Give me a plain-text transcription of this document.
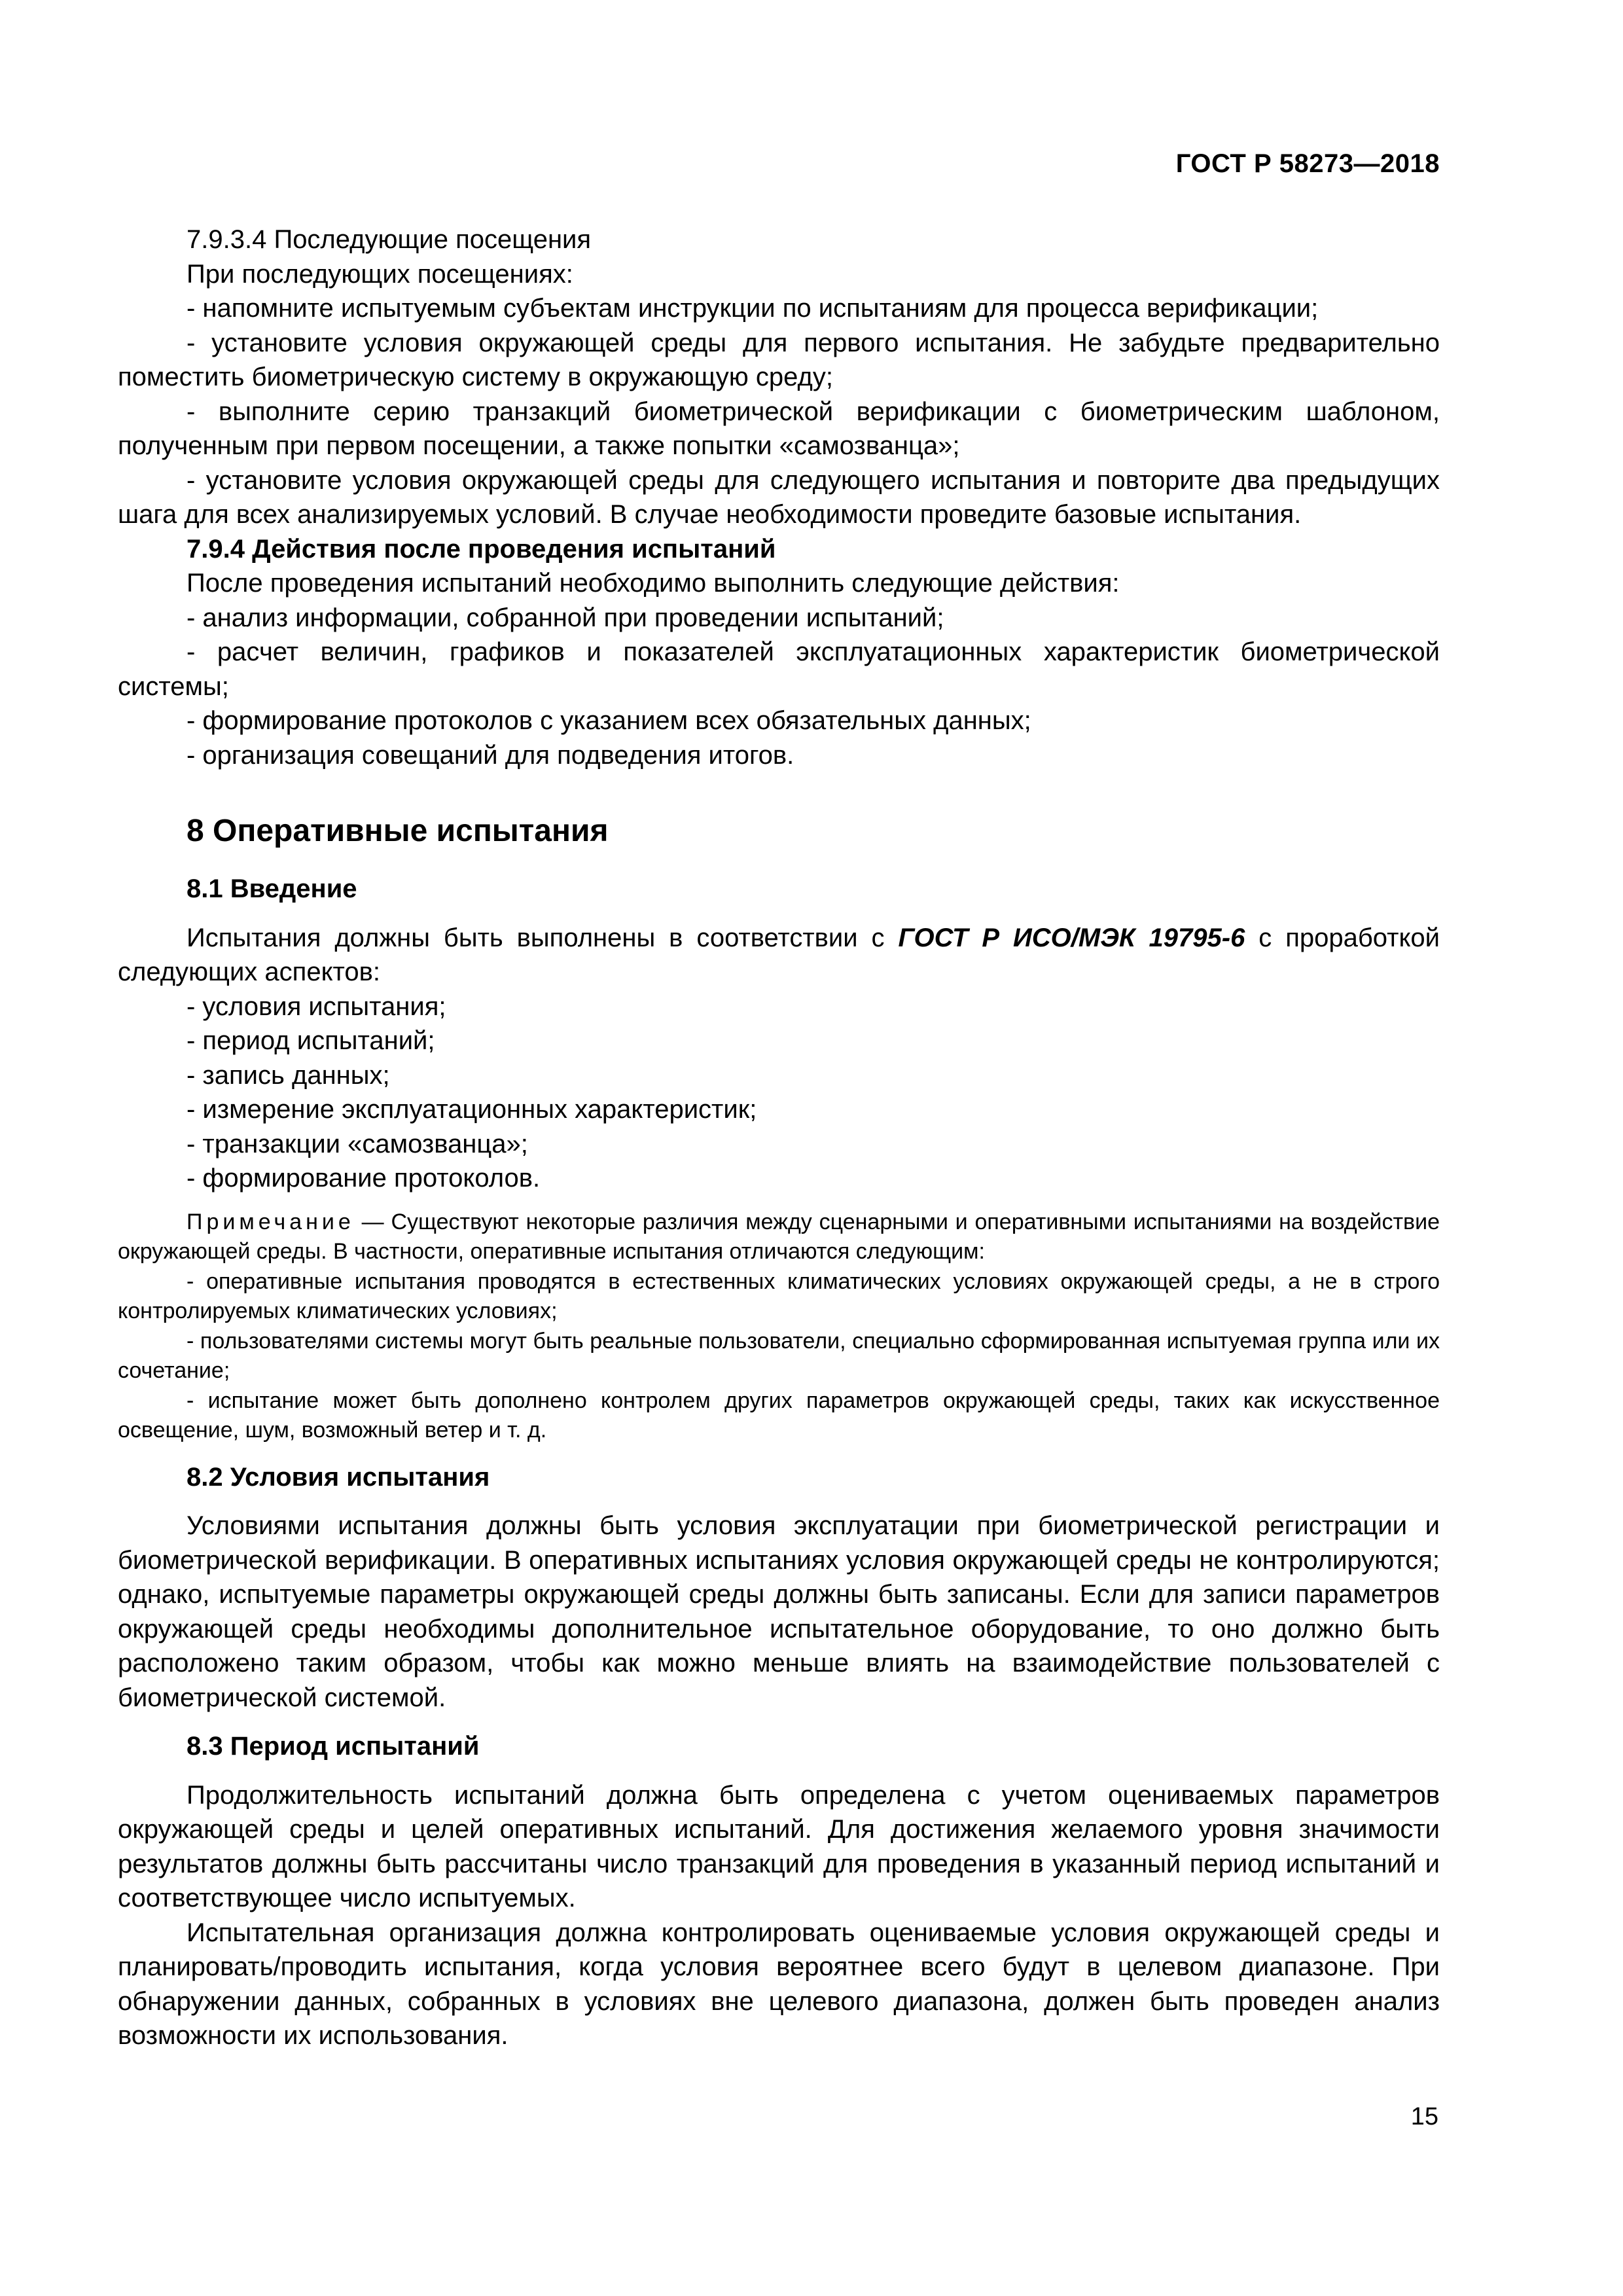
ГОСТ Р 58273—2018

7.9.3.4 Последующие посещения

При последующих посещениях:

- напомните испытуемым субъектам инструкции по испытаниям для процесса верификации;

- установите условия окружающей среды для первого испытания. Не забудьте предварительно поместить биометрическую систему в окружающую среду;

- выполните серию транзакций биометрической верификации с биометрическим шаблоном, полученным при первом посещении, а также попытки «самозванца»;

- установите условия окружающей среды для следующего испытания и повторите два предыдущих шага для всех анализируемых условий. В случае необходимости проведите базовые испытания.

7.9.4 Действия после проведения испытаний

После проведения испытаний необходимо выполнить следующие действия:

- анализ информации, собранной при проведении испытаний;

- расчет величин, графиков и показателей эксплуатационных характеристик биометрической системы;

- формирование протоколов с указанием всех обязательных данных;

- организация совещаний для подведения итогов.

8 Оперативные испытания
8.1 Введение

Испытания должны быть выполнены в соответствии с ГОСТ Р ИСО/МЭК 19795-6 с проработкой следующих аспектов:

- условия испытания;

- период испытаний;

- запись данных;

- измерение эксплуатационных характеристик;

- транзакции «самозванца»;

- формирование протоколов.

Примечание — Существуют некоторые различия между сценарными и оперативными испытаниями на воздействие окружающей среды. В частности, оперативные испытания отличаются следующим:

- оперативные испытания проводятся в естественных климатических условиях окружающей среды, а не в строго контролируемых климатических условиях;

- пользователями системы могут быть реальные пользователи, специально сформированная испытуемая группа или их сочетание;

- испытание может быть дополнено контролем других параметров окружающей среды, таких как искусственное освещение, шум, возможный ветер и т. д.

8.2 Условия испытания

Условиями испытания должны быть условия эксплуатации при биометрической регистрации и биометрической верификации. В оперативных испытаниях условия окружающей среды не контролируются; однако, испытуемые параметры окружающей среды должны быть записаны. Если для записи параметров окружающей среды необходимы дополнительное испытательное оборудование, то оно должно быть расположено таким образом, чтобы как можно меньше влиять на взаимодействие пользователей с биометрической системой.

8.3 Период испытаний

Продолжительность испытаний должна быть определена с учетом оцениваемых параметров окружающей среды и целей оперативных испытаний. Для достижения желаемого уровня значимости результатов должны быть рассчитаны число транзакций для проведения в указанный период испытаний и соответствующее число испытуемых.

Испытательная организация должна контролировать оцениваемые условия окружающей среды и планировать/проводить испытания, когда условия вероятнее всего будут в целевом диапазоне. При обнаружении данных, собранных в условиях вне целевого диапазона, должен быть проведен анализ возможности их использования.

15
